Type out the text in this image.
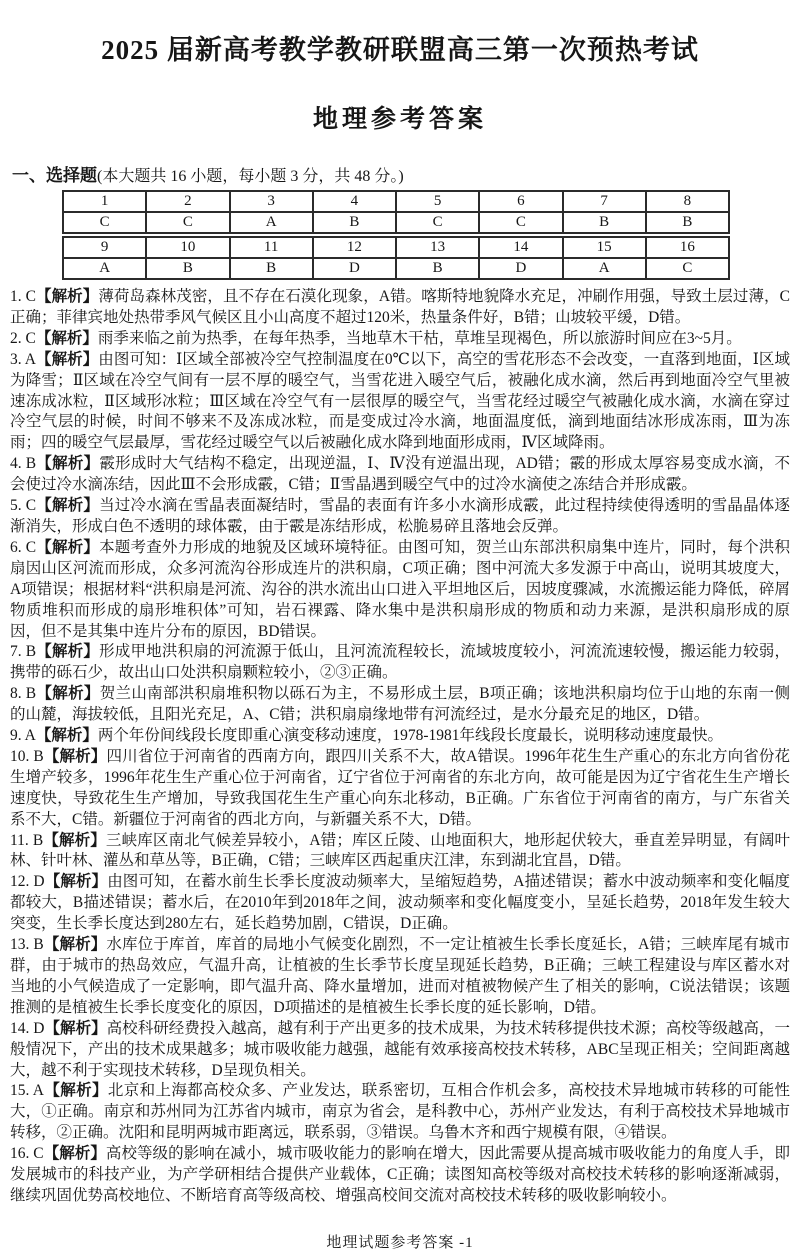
2025 届新高考教学教研联盟高三第一次预热考试
地理参考答案
一、选择题(本大题共 16 小题，每小题 3 分，共 48 分。)
1	2	3	4	5	6	7	8
C	C	A	B	C	C	B	B
9	10	11	12	13	14	15	16
A	B	B	D	B	D	A	C
1. C【解析】薄荷岛森林茂密，且不存在石漠化现象，A错。喀斯特地貌降水充足，冲刷作用强，导致土层过薄，C正确；菲律宾地处热带季风气候区且小山高度不超过120米，热量条件好，B错；山坡较平缓，D错。
2. C【解析】雨季来临之前为热季，在每年热季，当地草木干枯，草堆呈现褐色，所以旅游时间应在3~5月。
3. A【解析】由图可知：Ⅰ区域全部被冷空气控制温度在0℃以下，高空的雪花形态不会改变，一直落到地面，Ⅰ区域为降雪；Ⅱ区域在冷空气间有一层不厚的暖空气，当雪花进入暖空气后，被融化成水滴，然后再到地面冷空气里被速冻成冰粒，Ⅱ区域形冰粒；Ⅲ区域在冷空气有一层很厚的暖空气，当雪花经过暖空气被融化成水滴，水滴在穿过冷空气层的时候，时间不够来不及冻成冰粒，而是变成过冷水滴，地面温度低，滴到地面结冰形成冻雨，Ⅲ为冻雨；四的暖空气层最厚，雪花经过暖空气以后被融化成水降到地面形成雨，Ⅳ区域降雨。
4. B【解析】霰形成时大气结构不稳定，出现逆温，Ⅰ、Ⅳ没有逆温出现，AD错；霰的形成太厚容易变成水滴，不会使过冷水滴冻结，因此Ⅲ不会形成霰，C错；Ⅱ雪晶遇到暖空气中的过冷水滴使之冻结合并形成霰。
5. C【解析】当过冷水滴在雪晶表面凝结时，雪晶的表面有许多小水滴形成霰，此过程持续使得透明的雪晶晶体逐渐消失，形成白色不透明的球体霰，由于霰是冻结形成，松脆易碎且落地会反弹。
6. C【解析】本题考查外力形成的地貌及区域环境特征。由图可知，贺兰山东部洪积扇集中连片，同时，每个洪积扇因山区河流而形成，众多河流沟谷形成连片的洪积扇，C项正确；图中河流大多发源于中高山，说明其坡度大，A项错误；根据材料“洪积扇是河流、沟谷的洪水流出山口进入平坦地区后，因坡度骤减，水流搬运能力降低，碎屑物质堆积而形成的扇形堆积体”可知，岩石裸露、降水集中是洪积扇形成的物质和动力来源，是洪积扇形成的原因，但不是其集中连片分布的原因，BD错误。
7. B【解析】形成甲地洪积扇的河流源于低山，且河流流程较长，流域坡度较小，河流流速较慢，搬运能力较弱，携带的砾石少，故出山口处洪积扇颗粒较小，②③正确。
8. B【解析】贺兰山南部洪积扇堆积物以砾石为主，不易形成土层，B项正确；该地洪积扇均位于山地的东南一侧的山麓，海拔较低，且阳光充足，A、C错；洪积扇扇缘地带有河流经过，是水分最充足的地区，D错。
9. A【解析】两个年份间线段长度即重心演变移动速度，1978-1981年线段长度最长，说明移动速度最快。
10. B【解析】四川省位于河南省的西南方向，跟四川关系不大，故A错误。1996年花生生产重心的东北方向省份花生增产较多，1996年花生生产重心位于河南省，辽宁省位于河南省的东北方向，故可能是因为辽宁省花生生产增长速度快，导致花生生产增加，导致我国花生生产重心向东北移动，B正确。广东省位于河南省的南方，与广东省关系不大，C错。新疆位于河南省的西北方向，与新疆关系不大，D错。
11. B【解析】三峡库区南北气候差异较小，A错；库区丘陵、山地面积大，地形起伏较大，垂直差异明显，有阔叶林、针叶林、灌丛和草丛等，B正确，C错；三峡库区西起重庆江津，东到湖北宜昌，D错。
12. D【解析】由图可知，在蓄水前生长季长度波动频率大，呈缩短趋势，A描述错误；蓄水中波动频率和变化幅度都较大，B描述错误；蓄水后，在2010年到2018年之间，波动频率和变化幅度变小，呈延长趋势，2018年发生较大突变，生长季长度达到280左右，延长趋势加剧，C错误，D正确。
13. B【解析】水库位于库首，库首的局地小气候变化剧烈，不一定让植被生长季长度延长，A错；三峡库尾有城市群，由于城市的热岛效应，气温升高，让植被的生长季节长度呈现延长趋势，B正确；三峡工程建设与库区蓄水对当地的小气候造成了一定影响，即气温升高、降水量增加，进而对植被物候产生了相关的影响，C说法错误；该题推测的是植被生长季长度变化的原因，D项描述的是植被生长季长度的延长影响，D错。
14. D【解析】高校科研经费投入越高，越有利于产出更多的技术成果，为技术转移提供技术源；高校等级越高，一般情况下，产出的技术成果越多；城市吸收能力越强，越能有效承接高校技术转移，ABC呈现正相关；空间距离越大，越不利于实现技术转移，D呈现负相关。
15. A【解析】北京和上海都高校众多、产业发达，联系密切，互相合作机会多，高校技术异地城市转移的可能性大，①正确。南京和苏州同为江苏省内城市，南京为省会，是科教中心，苏州产业发达，有利于高校技术异地城市转移，②正确。沈阳和昆明两城市距离远，联系弱，③错误。乌鲁木齐和西宁规模有限，④错误。
16. C【解析】高校等级的影响在减小，城市吸收能力的影响在增大，因此需要从提高城市吸收能力的角度人手，即发展城市的科技产业，为产学研相结合提供产业载体，C正确；读图知高校等级对高校技术转移的影响逐渐减弱，继续巩固优势高校地位、不断培育高等级高校、增强高校间交流对高校技术转移的吸收影响较小。
地理试题参考答案 -1
